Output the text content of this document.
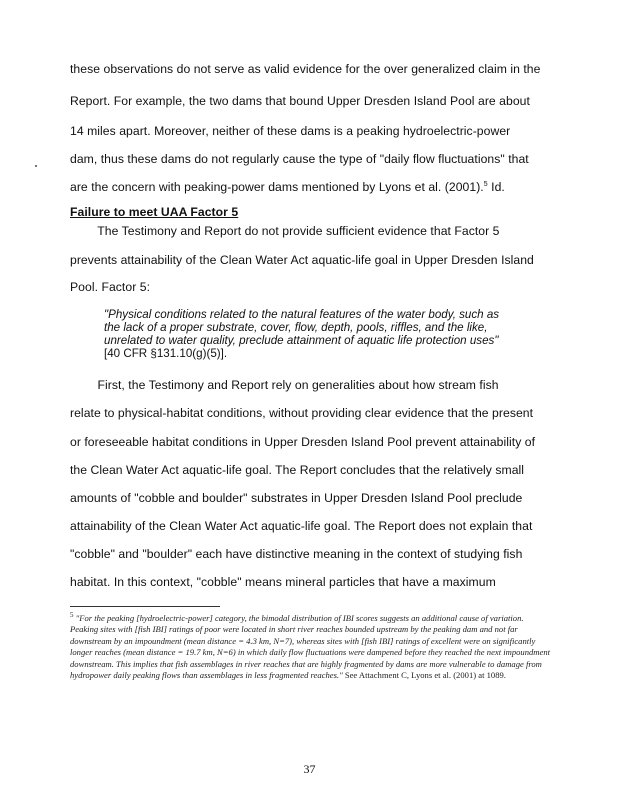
these observations do not serve as valid evidence for the over generalized claim in the
Report. For example, the two dams that bound Upper Dresden Island Pool are about
14 miles apart. Moreover, neither of these dams is a peaking hydroelectric-power
dam, thus these dams do not regularly cause the type of "daily flow fluctuations" that
are the concern with peaking-power dams mentioned by Lyons et al. (2001).$^5$ Id.
Failure to meet UAA Factor 5
The Testimony and Report do not provide sufficient evidence that Factor 5
prevents attainability of the Clean Water Act aquatic-life goal in Upper Dresden Island
Pool. Factor 5:
"Physical conditions related to the natural features of the water body, such as the lack of a proper substrate, cover, flow, depth, pools, riffles, and the like, unrelated to water quality, preclude attainment of aquatic life protection uses" [40 CFR §131.10(g)(5)].
First, the Testimony and Report rely on generalities about how stream fish
relate to physical-habitat conditions, without providing clear evidence that the present
or foreseeable habitat conditions in Upper Dresden Island Pool prevent attainability of
the Clean Water Act aquatic-life goal. The Report concludes that the relatively small
amounts of "cobble and boulder" substrates in Upper Dresden Island Pool preclude
attainability of the Clean Water Act aquatic-life goal. The Report does not explain that
"cobble" and "boulder" each have distinctive meaning in the context of studying fish
habitat. In this context, "cobble" means mineral particles that have a maximum
$^5$ "For the peaking [hydroelectric-power] category, the bimodal distribution of IBI scores suggests an additional cause of variation. Peaking sites with [fish IBI] ratings of poor were located in short river reaches bounded upstream by the peaking dam and not far downstream by an impoundment (mean distance = 4.3 km, N=7), whereas sites with [fish IBI] ratings of excellent were on significantly longer reaches (mean distance = 19.7 km, N=6) in which daily flow fluctuations were dampened before they reached the next impoundment downstream. This implies that fish assemblages in river reaches that are highly fragmented by dams are more vulnerable to damage from hydropower daily peaking flows than assemblages in less fragmented reaches." See Attachment C, Lyons et al. (2001) at 1089.
37
